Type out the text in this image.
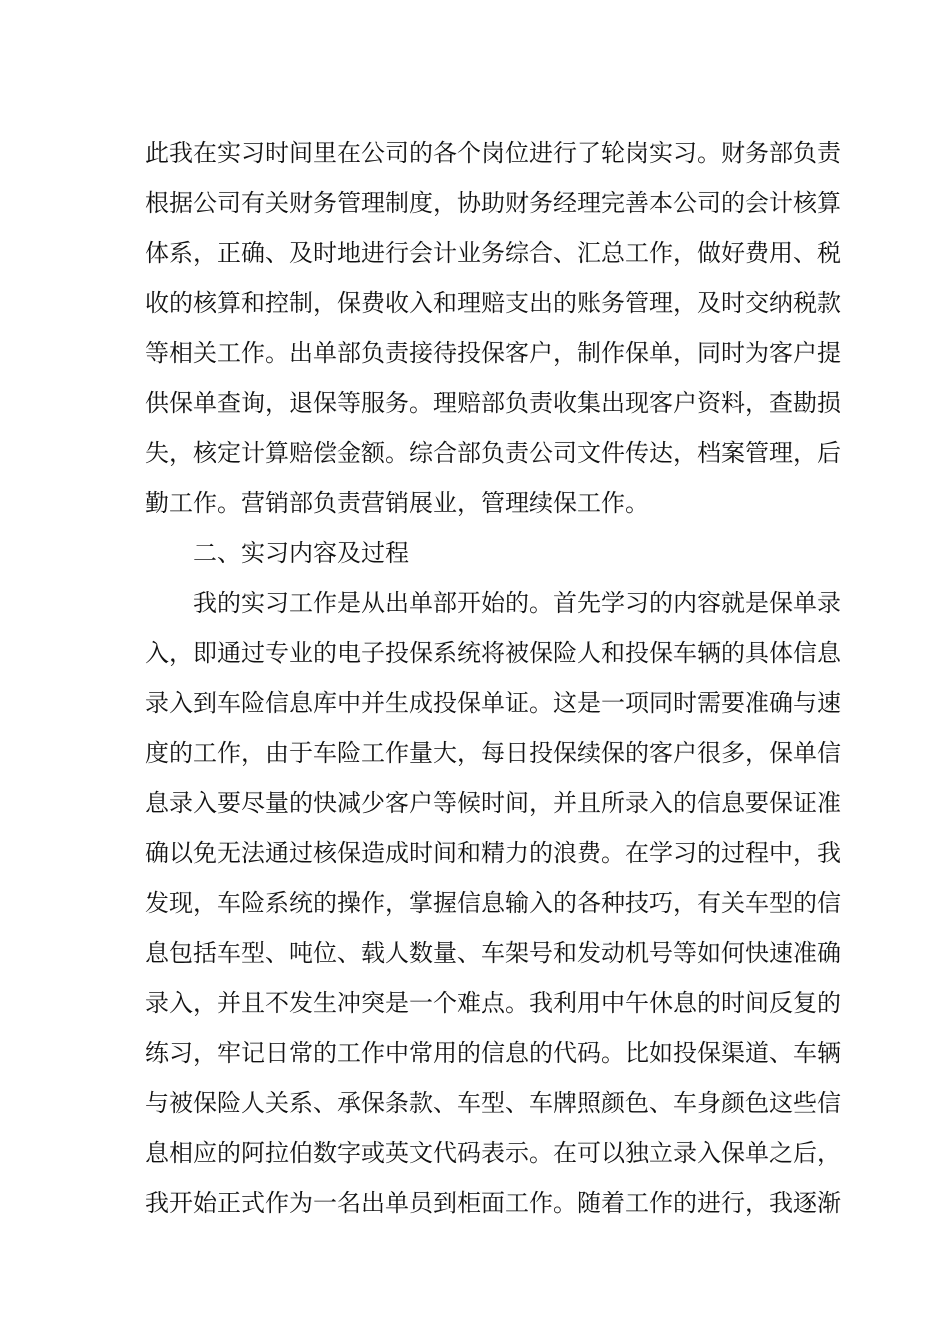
此我在实习时间里在公司的各个岗位进行了轮岗实习。财务部负责
根据公司有关财务管理制度，协助财务经理完善本公司的会计核算
体系，正确、及时地进行会计业务综合、汇总工作，做好费用、税
收的核算和控制，保费收入和理赔支出的账务管理，及时交纳税款
等相关工作。出单部负责接待投保客户，制作保单，同时为客户提
供保单查询，退保等服务。理赔部负责收集出现客户资料，查勘损
失，核定计算赔偿金额。综合部负责公司文件传达，档案管理，后
勤工作。营销部负责营销展业，管理续保工作。
二、实习内容及过程
我的实习工作是从出单部开始的。首先学习的内容就是保单录
入，即通过专业的电子投保系统将被保险人和投保车辆的具体信息
录入到车险信息库中并生成投保单证。这是一项同时需要准确与速
度的工作，由于车险工作量大，每日投保续保的客户很多，保单信
息录入要尽量的快减少客户等候时间，并且所录入的信息要保证准
确以免无法通过核保造成时间和精力的浪费。在学习的过程中，我
发现，车险系统的操作，掌握信息输入的各种技巧，有关车型的信
息包括车型、吨位、载人数量、车架号和发动机号等如何快速准确
录入，并且不发生冲突是一个难点。我利用中午休息的时间反复的
练习，牢记日常的工作中常用的信息的代码。比如投保渠道、车辆
与被保险人关系、承保条款、车型、车牌照颜色、车身颜色这些信
息相应的阿拉伯数字或英文代码表示。在可以独立录入保单之后，
我开始正式作为一名出单员到柜面工作。随着工作的进行，我逐渐
